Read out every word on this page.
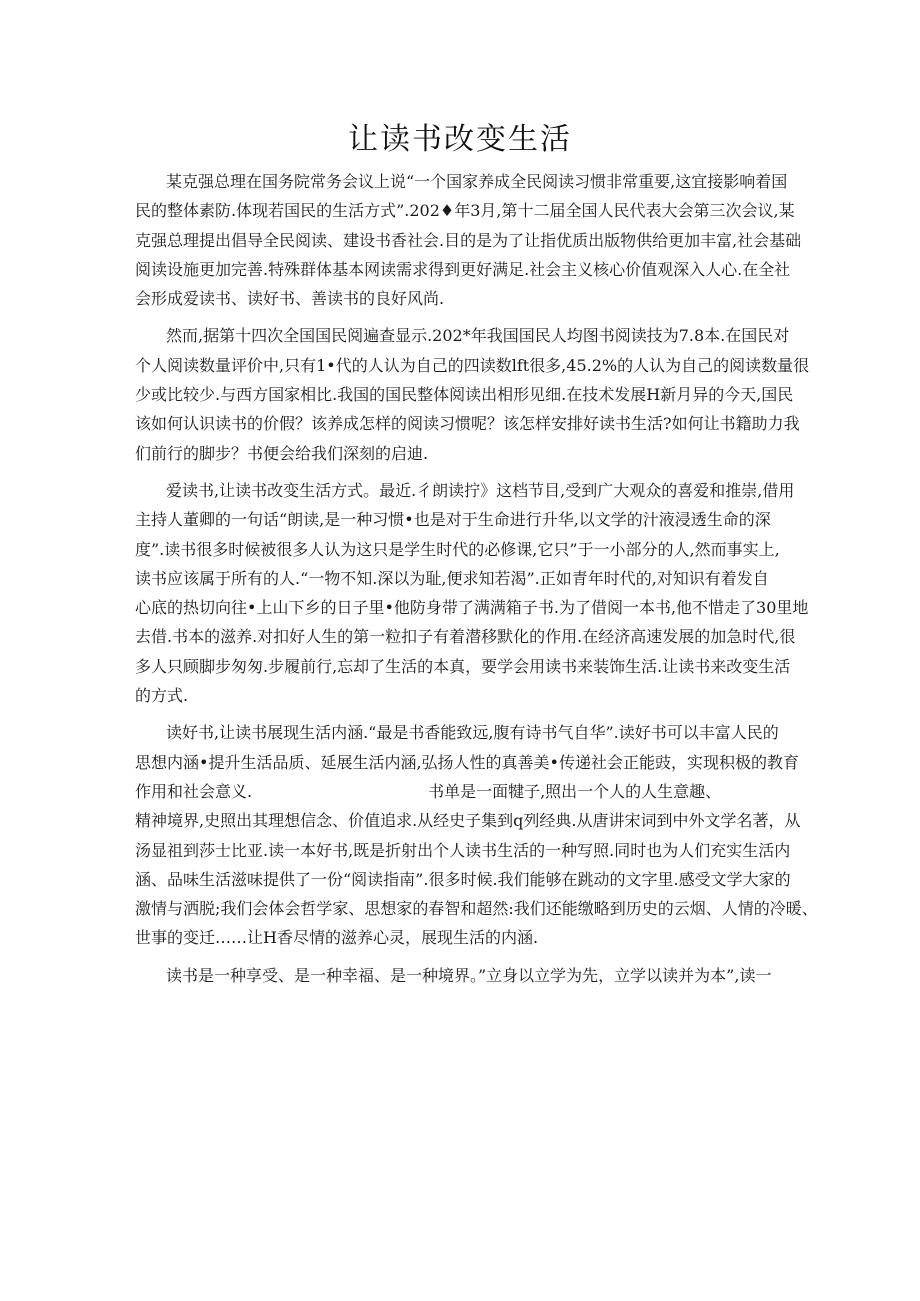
让读书改变生活
某克强总理在国务院常务会议上说“一个国家养成全民阅读习惯非常重要,这宜接影响着国
民的整体素防.体现若国民的生活方式”.202♦年3月,第十二届全国人民代表大会第三次会议,某
克强总理提出倡导全民阅读、建设书香社会.目的是为了让指优质出版物供给更加丰富,社会基础
阅读设施更加完善.特殊群体基本网读需求得到更好满足.社会主义核心价值观深入人心.在全社
会形成爱读书、读好书、善读书的良好风尚.
然而,据第十四次全国国民阅遍查显示.202*年我国国民人均图书阅读技为7.8本.在国民对
个人阅读数量评价中,只有1•代的人认为自己的四读数lft很多,45.2%的人认为自己的阅读数量很
少或比较少.与西方国家相比.我国的国民整体阅读出相形见细.在技术发展H新月异的今天,国民
该如何认识读书的价假？该养成怎样的阅读习惯呢？该怎样安排好读书生活?如何让书籍助力我
们前行的脚步？书便会给我们深刻的启迪.
爱读书,让读书改变生活方式。最近.彳朗读拧》这档节目,受到广大观众的喜爱和推崇,借用
主持人董卿的一句话“朗读,是一种习惯•也是对于生命进行升华,以文学的汁液浸透生命的深
度”.读书很多时候被很多人认为这只是学生时代的必修课,它只”于一小部分的人,然而事实上,
读书应该属于所有的人.“一物不知.深以为耻,便求知若渴”.正如青年时代的,对知识有着发自
心底的热切向往•上山下乡的日子里•他防身带了满满箱子书.为了借阅一本书,他不惜走了30里地
去借.书本的滋养.对扣好人生的第一粒扣子有着潜移默化的作用.在经济高速发展的加急时代,很
多人只顾脚步匆匆.步履前行,忘却了生活的本真，要学会用读书来装饰生活.让读书来改变生活
的方式.
读好书,让读书展现生活内涵.“最是书香能致远,腹有诗书气自华”.读好书可以丰富人民的
思想内涵•提升生活品质、延展生活内涵,弘扬人性的真善美•传递社会正能豉，实现积极的教育
作用和社会意义.	书单是一面犍子,照出一个人的人生意趣、
精神境界,史照出其理想信念、价值追求.从经史子集到q列经典.从唐讲宋词到中外文学名著，从
汤显祖到莎士比亚.读一本好书,既是折射出个人读书生活的一种写照.同时也为人们充实生活内
涵、品味生活滋味提供了一份“阅读指南”.很多时候.我们能够在跳动的文字里.感受文学大家的
激情与洒脱;我们会体会哲学家、思想家的春智和超然:我们还能缴略到历史的云烟、人情的冷暖、
世事的变迁……让H香尽情的滋养心灵，展现生活的内涵.
读书是一种享受、是一种幸福、是一种境界。”立身以立学为先，立学以读并为本”,读一
